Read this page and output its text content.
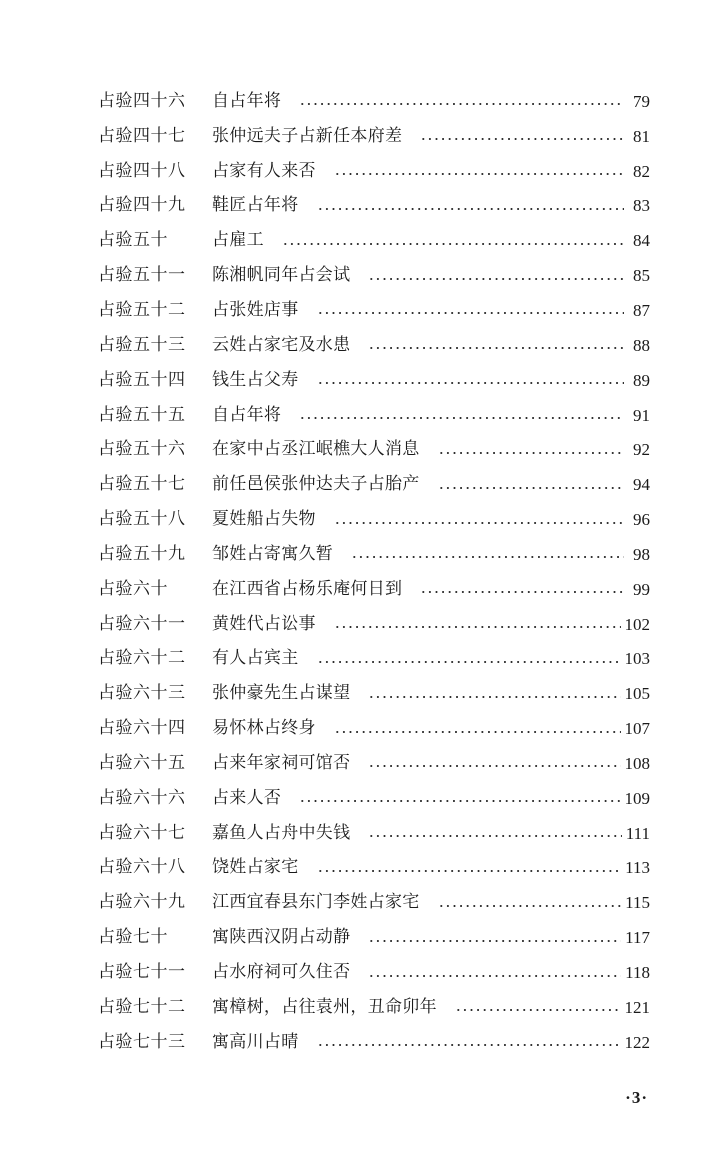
占验四十六	自占年将	79
占验四十七	张仲远夫子占新任本府差	81
占验四十八	占家有人来否	82
占验四十九	鞋匠占年将	83
占验五十	占雇工	84
占验五十一	陈湘帆同年占会试	85
占验五十二	占张姓店事	87
占验五十三	云姓占家宅及水患	88
占验五十四	钱生占父寿	89
占验五十五	自占年将	91
占验五十六	在家中占丞江岷樵大人消息	92
占验五十七	前任邑侯张仲达夫子占胎产	94
占验五十八	夏姓船占失物	96
占验五十九	邹姓占寄寓久暂	98
占验六十	在江西省占杨乐庵何日到	99
占验六十一	黄姓代占讼事	102
占验六十二	有人占宾主	103
占验六十三	张仲豪先生占谋望	105
占验六十四	易怀林占终身	107
占验六十五	占来年家祠可馆否	108
占验六十六	占来人否	109
占验六十七	嘉鱼人占舟中失钱	111
占验六十八	饶姓占家宅	113
占验六十九	江西宜春县东门李姓占家宅	115
占验七十	寓陕西汉阴占动静	117
占验七十一	占水府祠可久住否	118
占验七十二	寓樟树，占往袁州，丑命卯年	121
占验七十三	寓高川占晴	122
·3·
